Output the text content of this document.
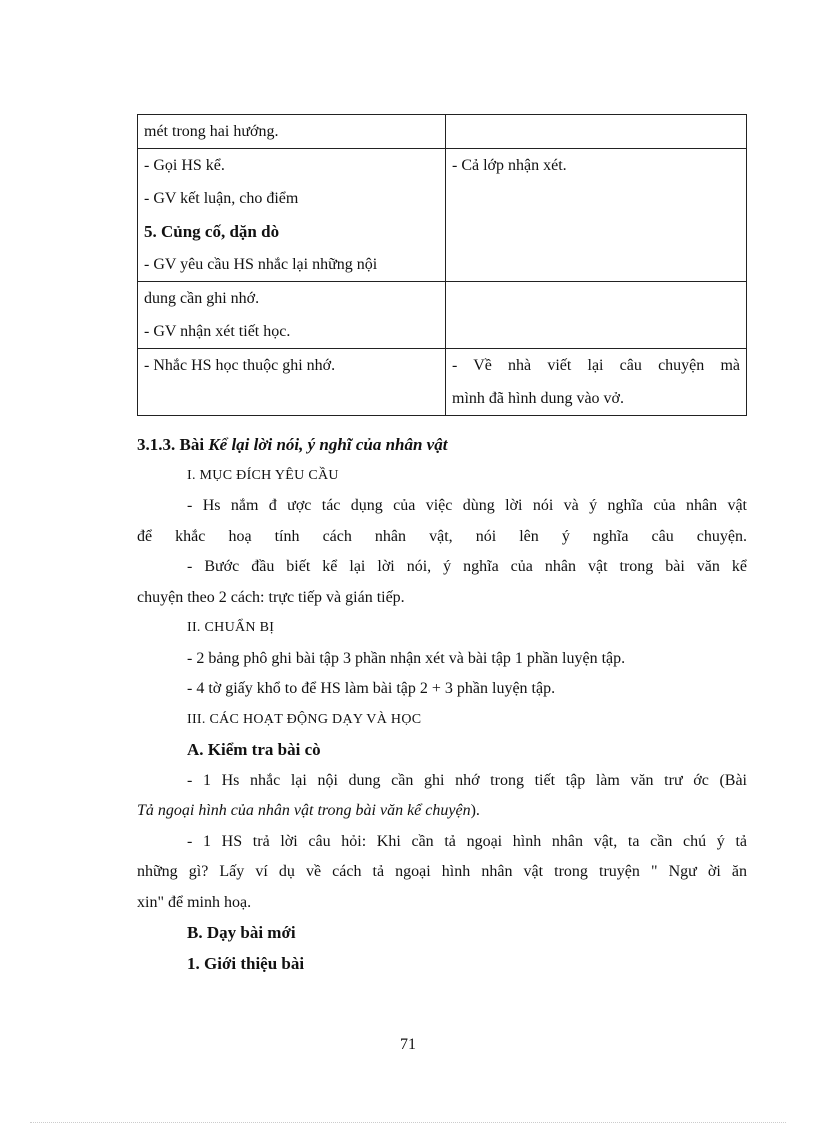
mét trong hai hướng.	

- Gọi HS kể.
- GV kết luận, cho điểm
5. Củng cố, dặn dò
- GV yêu cầu HS nhắc lại những nội	- Cả lớp nhận xét.

dung cần ghi nhớ.
- GV nhận xét tiết học.	

- Nhắc HS học thuộc ghi nhớ.	- Về nhà viết lại câu chuyện mà
mình đã hình dung vào vở.
3.1.3. Bài Kể lại lời nói, ý nghĩ của nhân vật
I. MỤC ĐÍCH YÊU CẦU
- Hs nắm đ ược tác dụng của việc dùng lời nói và ý nghĩa của nhân vật
để khắc hoạ tính cách nhân vật, nói lên ý nghĩa câu chuyện.
- Bước đầu biết kể lại lời nói, ý nghĩa của nhân vật trong bài văn kể
chuyện theo 2 cách: trực tiếp và gián tiếp.
II. CHUẨN BỊ
- 2 bảng phô ghi bài tập 3 phần nhận xét và bài tập 1 phần luyện tập.
- 4 tờ giấy khổ to để HS làm bài tập 2 + 3 phần luyện tập.
III. CÁC HOẠT ĐỘNG DẠY VÀ HỌC
A. Kiểm tra bài cò
- 1 Hs nhắc lại nội dung cần ghi nhớ trong tiết tập làm văn trư ớc (Bài
Tả ngoại hình của nhân vật trong bài văn kể chuyện).
- 1 HS trả lời câu hỏi: Khi cần tả ngoại hình nhân vật, ta cần chú ý tả
những gì? Lấy ví dụ về cách tả ngoại hình nhân vật trong truyện " Ngư ời ăn
xin" để minh hoạ.
B. Dạy bài mới
1. Giới thiệu bài
71
